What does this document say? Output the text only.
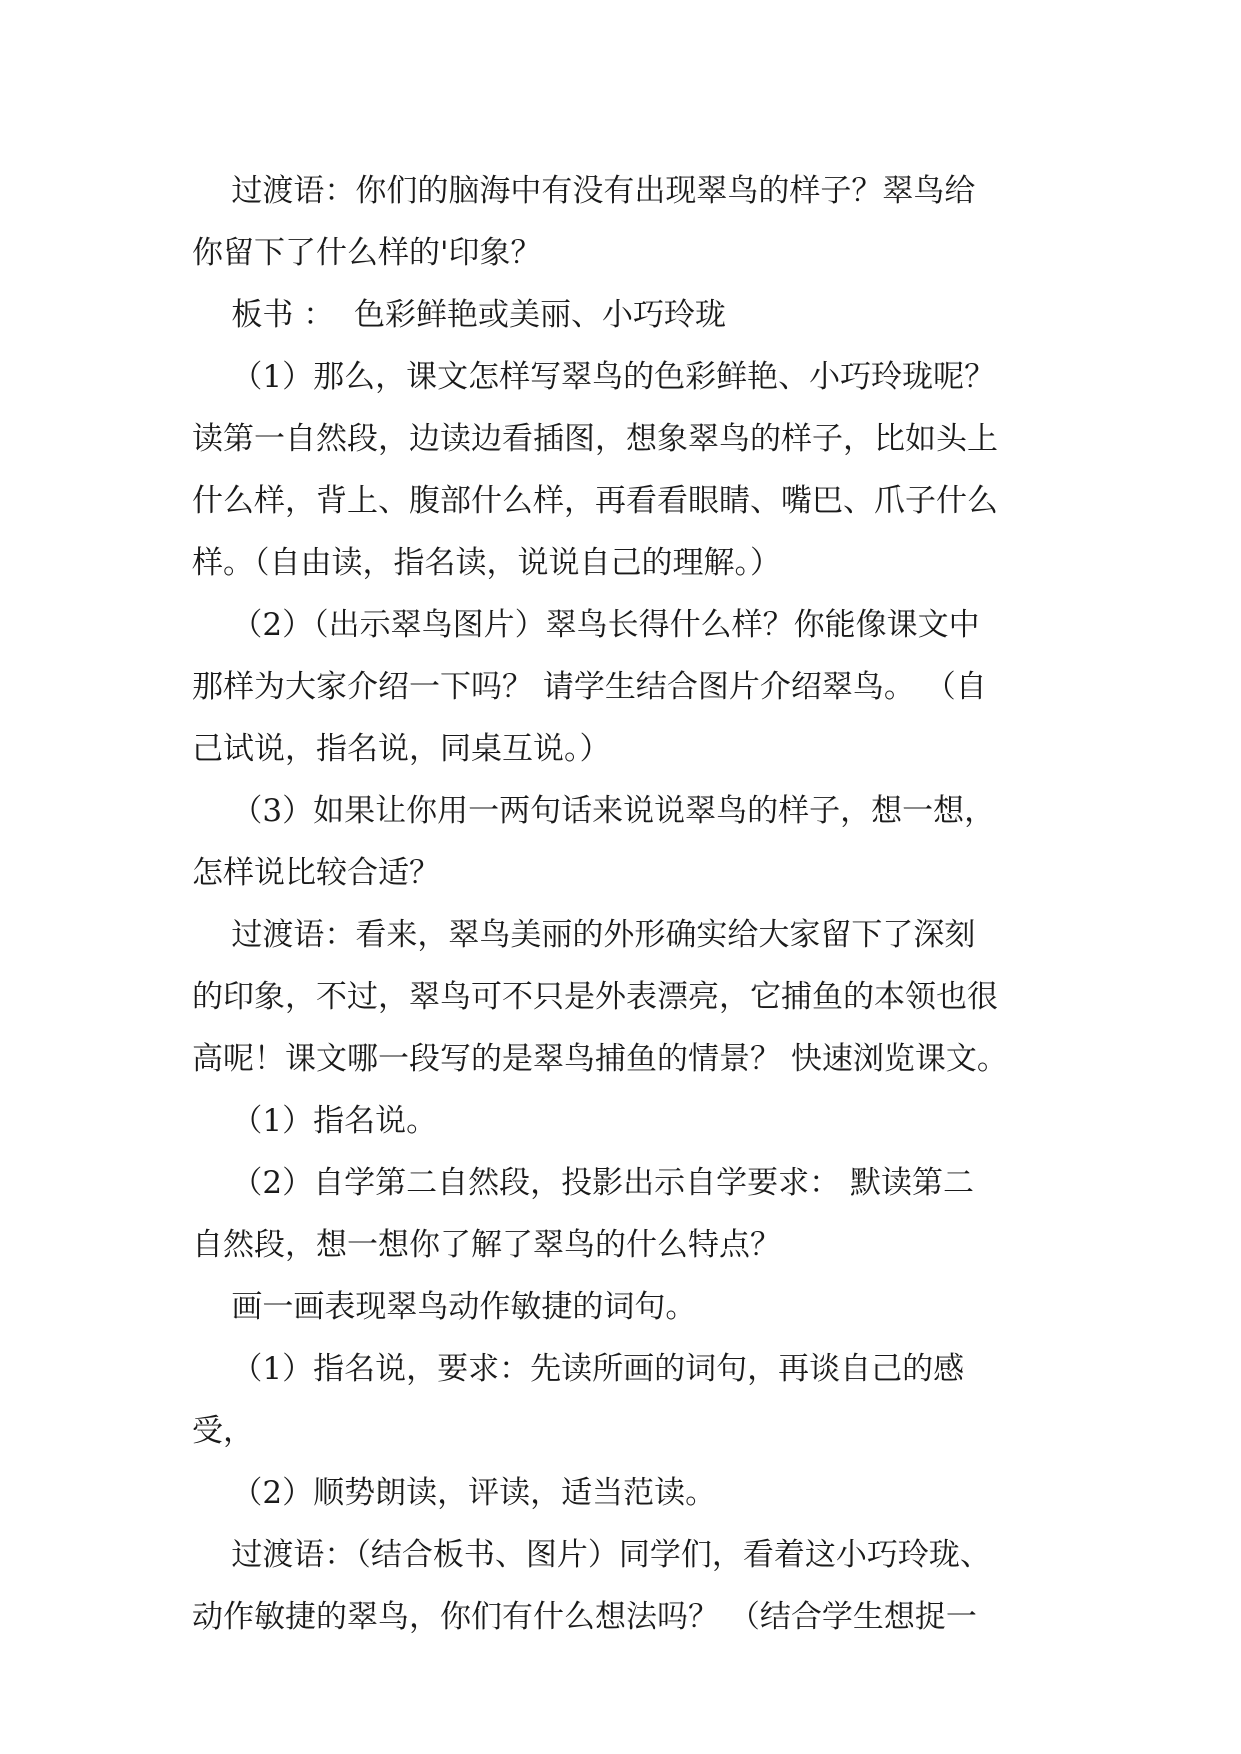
过渡语：你们的脑海中有没有出现翠鸟的样子？翠鸟给
你留下了什么样的'印象？
板书 ：  色彩鲜艳或美丽、小巧玲珑
（1）那么，课文怎样写翠鸟的色彩鲜艳、小巧玲珑呢？
读第一自然段，边读边看插图，想象翠鸟的样子，比如头上
什么样，背上、腹部什么样，再看看眼睛、嘴巴、爪子什么
样。（自由读，指名读，说说自己的理解。）
（2）（出示翠鸟图片）翠鸟长得什么样？你能像课文中
那样为大家介绍一下吗？ 请学生结合图片介绍翠鸟。 （自
己试说，指名说，同桌互说。）
（3）如果让你用一两句话来说说翠鸟的样子，想一想，
怎样说比较合适？
过渡语：看来，翠鸟美丽的外形确实给大家留下了深刻
的印象，不过，翠鸟可不只是外表漂亮，它捕鱼的本领也很
高呢！课文哪一段写的是翠鸟捕鱼的情景？ 快速浏览课文。
（1）指名说。
（2）自学第二自然段，投影出示自学要求： 默读第二
自然段，想一想你了解了翠鸟的什么特点？
画一画表现翠鸟动作敏捷的词句。
（1）指名说，要求：先读所画的词句，再谈自己的感
受，
（2）顺势朗读，评读，适当范读。
过渡语：（结合板书、图片）同学们，看着这小巧玲珑、
动作敏捷的翠鸟，你们有什么想法吗？ （结合学生想捉一
